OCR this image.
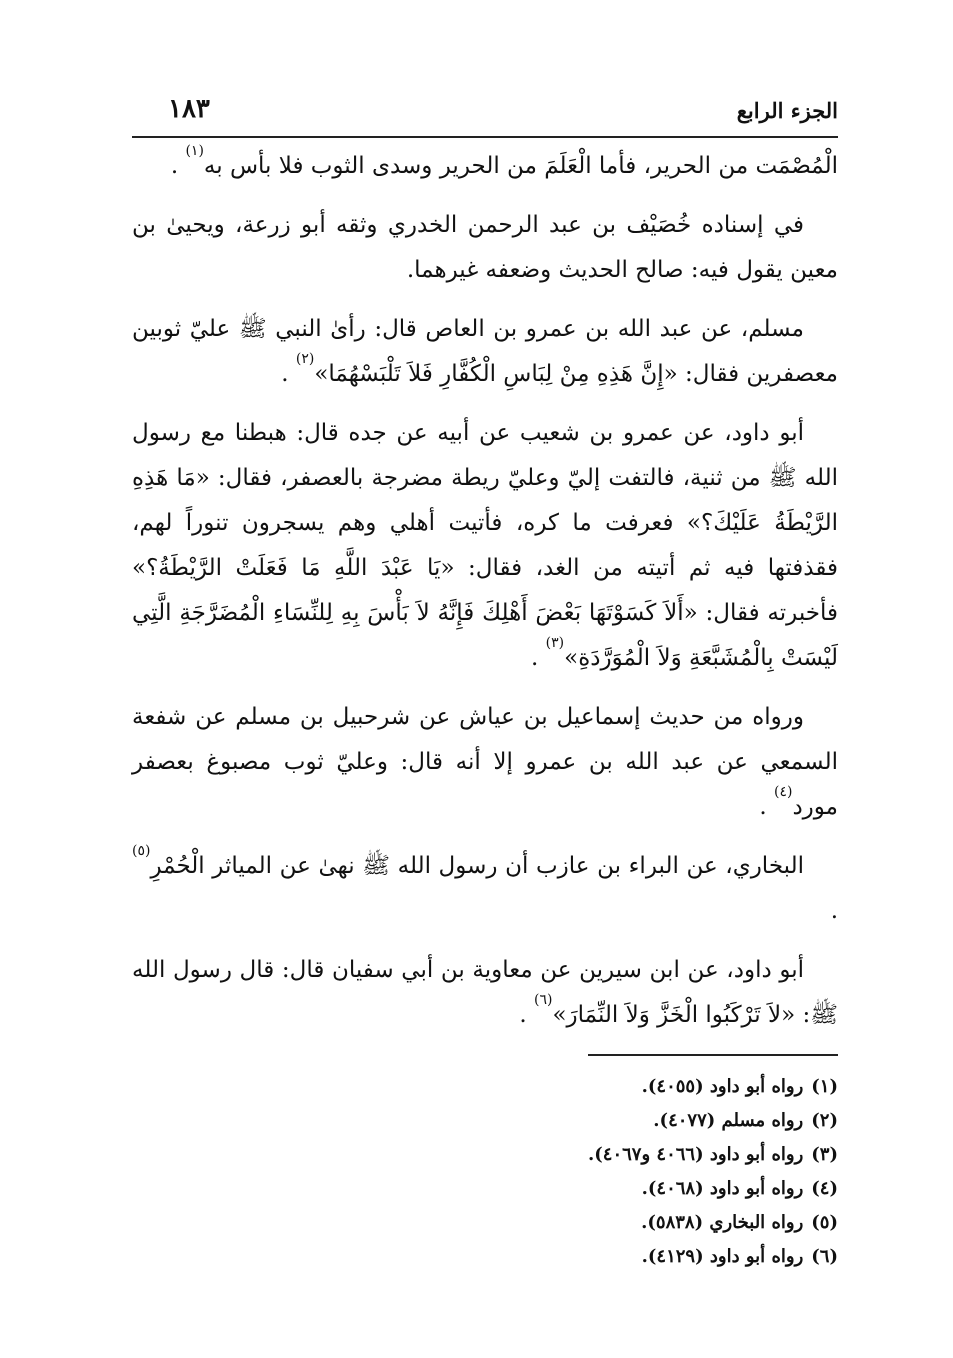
الجزء الرابع
١٨٣

الْمُصْمَت من الحرير، فأما الْعَلَمَ من الحرير وسدى الثوب فلا بأس به$^{(١)}$ .

في إسناده خُصَيْف بن عبد الرحمن الخدري وثقه أبو زرعة، ويحيىٰ بن معين يقول فيه: صالح الحديث وضعفه غيرهما.

مسلم، عن عبد الله بن عمرو بن العاص قال: رأىٰ النبي ﷺ عليّ ثوبين معصفرين فقال: «إِنَّ هَذِهِ مِنْ لِبَاسِ الْكُفَّارِ فَلاَ تَلْبَسْهُمَا»$^{(٢)}$ .

أبو داود، عن عمرو بن شعيب عن أبيه عن جده قال: هبطنا مع رسول الله ﷺ من ثنية، فالتفت إليّ وعليّ ريطة مضرجة بالعصفر، فقال: «مَا هَذِهِ الرَّيْطَةُ عَلَيْكَ؟» فعرفت ما كره، فأتيت أهلي وهم يسجرون تنوراً لهم، فقذفتها فيه ثم أتيته من الغد، فقال: «يَا عَبْدَ اللَّهِ مَا فَعَلَتْ الرَّيْطَةُ؟» فأخبرته فقال: «أَلاَ كَسَوْتَهَا بَعْضَ أَهْلِكَ فَإِنَّهُ لاَ بَأْسَ بِهِ لِلنِّسَاءِ الْمُضَرَّجَةِ الَّتِي لَيْسَتْ بِالْمُشَبَّعَةِ وَلاَ الْمُوَرَّدَةِ»$^{(٣)}$ .

ورواه من حديث إسماعيل بن عياش عن شرحبيل بن مسلم عن شفعة السمعي عن عبد الله بن عمرو إلا أنه قال: وعليّ ثوب مصبوغ بعصفر مورد$^{(٤)}$ .

البخاري، عن البراء بن عازب أن رسول الله ﷺ نهىٰ عن المياثر الْحُمْرِ$^{(٥)}$ .

أبو داود، عن ابن سيرين عن معاوية بن أبي سفيان قال: قال رسول الله ﷺ: «لاَ تَرْكَبُوا الْخَزَّ وَلاَ النِّمَارَ»$^{(٦)}$ .

(١)رواه أبو داود (٤٠٥٥).
(٢)رواه مسلم (٤٠٧٧).
(٣)رواه أبو داود (٤٠٦٦ و٤٠٦٧).
(٤)رواه أبو داود (٤٠٦٨).
(٥)رواه البخاري (٥٨٣٨).
(٦)رواه أبو داود (٤١٢٩).
